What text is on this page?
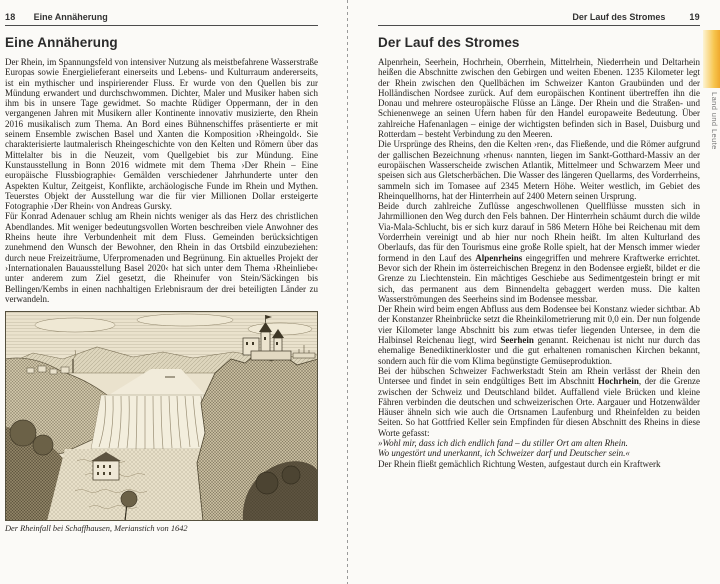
18 Eine Annäherung
Eine Annäherung

Der Rhein, im Spannungsfeld von intensiver Nutzung als meistbefahrene Wasserstraße Europas sowie Energielieferant einerseits und Lebens- und Kulturraum andererseits, ist ein mythischer und inspirierender Fluss. Er wurde von den Quellen bis zur Mündung erwandert und durchschwommen. Dichter, Maler und Musiker haben sich ihm bis in unsere Tage gewidmet. So machte Rüdiger Oppermann, der in den vergangenen Jahren mit Musikern aller Kontinente innovativ musizierte, den Rhein 2016 musikalisch zum Thema. An Bord eines Bühnenschiffes präsentierte er mit seinem Ensemble zwischen Basel und Xanten die Komposition ›Rheingold‹. Sie charakterisierte lautmalerisch Rheingeschichte von den Kelten und Römern über das Mittelalter bis in die Neuzeit, vom Quellgebiet bis zur Mündung. Eine Kunstausstellung in Bonn 2016 widmete mit dem Thema ›Der Rhein – Eine europäische Flussbiographie‹ Gemälden verschiedener Jahrhunderte unter den Aspekten Kultur, Zeitgeist, Konflikte, archäologische Funde im Rhein und Mythen. Teuerstes Objekt der Ausstellung war die für vier Millionen Dollar ersteigerte Fotographie ›Der Rhein‹ von Andreas Gursky.

Für Konrad Adenauer schlug am Rhein nichts weniger als das Herz des christlichen Abendlandes. Mit weniger bedeutungsvollen Worten beschreiben viele Anwohner des Rheins heute ihre Verbundenheit mit dem Fluss. Gemeinden berücksichtigen zunehmend den Wunsch der Bewohner, den Rhein in das Ortsbild einzubeziehen: durch neue Freizeiträume, Uferpromenaden und Begrünung. Ein aktuelles Projekt der ›Internationalen Bauausstellung Basel 2020‹ hat sich unter dem Thema ›Rheinliebe‹ unter anderem zum Ziel gesetzt, die Rheinufer von Stein/Säckingen bis Bellingen/Kembs in einen nachhaltigen Erlebnisraum der drei beteiligten Länder zu verwandeln.

Der Rheinfall bei Schaffhausen, Merianstich von 1642
Der Lauf des Stromes	19
Der Lauf des Stromes

Alpenrhein, Seerhein, Hochrhein, Oberrhein, Mittelrhein, Niederrhein und Deltarhein heißen die Abschnitte zwischen den Gebirgen und weiten Ebenen. 1235 Kilometer legt der Rhein zwischen den Quellbächen im Schweizer Kanton Graubünden und der Holländischen Nordsee zurück. Auf dem europäischen Kontinent übertreffen ihn die Donau und mehrere osteuropäische Flüsse an Länge. Der Rhein und die Straßen- und Schienenwege an seinen Ufern haben für den Handel europaweite Bedeutung. Über zahlreiche Hafenanlagen – einige der wichtigsten befinden sich in Basel, Duisburg und Rotterdam – besteht Verbindung zu den Meeren.

Die Ursprünge des Rheins, den die Kelten ›ren‹, das Fließende, und die Römer aufgrund der gallischen Bezeichnung ›rhenus‹ nannten, liegen im Sankt-Gotthard-Massiv an der europäischen Wasserscheide zwischen Atlantik, Mittelmeer und Schwarzem Meer und speisen sich aus Gletscherbächen. Die Wasser des längeren Quellarms, des Vorderrheins, sammeln sich im Tomasee auf 2345 Metern Höhe. Weiter westlich, im Gebiet des Rheinquellhorns, hat der Hinterrhein auf 2400 Metern seinen Ursprung.

Beide durch zahlreiche Zuflüsse angeschwollenen Quellflüsse mussten sich in Jahrmillionen den Weg durch den Fels bahnen. Der Hinterrhein schäumt durch die wilde Via-Mala-Schlucht, bis er sich kurz darauf in 586 Metern Höhe bei Reichenau mit dem Vorderrhein vereinigt und ab hier nur noch Rhein heißt. Im alten Kulturland des Oberlaufs, das für den Tourismus eine große Rolle spielt, hat der Mensch immer wieder formend in den Lauf des Alpenrheins eingegriffen und mehrere Kraftwerke errichtet. Bevor sich der Rhein im österreichischen Bregenz in den Bodensee ergießt, bildet er die Grenze zu Liechtenstein. Ein mächtiges Geschiebe aus Sedimentgestein bringt er mit sich, das permanent aus dem Binnendelta gebaggert werden muss. Die kalten Wasserströmungen des Seerheins sind im Bodensee messbar.

Der Rhein wird beim engen Abfluss aus dem Bodensee bei Konstanz wieder sichtbar. Ab der Konstanzer Rheinbrücke setzt die Rheinkilometrierung mit 0,0 ein. Der nun folgende vier Kilometer lange Abschnitt bis zum etwas tiefer liegenden Untersee, in dem die Halbinsel Reichenau liegt, wird Seerhein genannt. Reichenau ist nicht nur durch das ehemalige Benediktinerkloster und die gut erhaltenen romanischen Kirchen bekannt, sondern auch für die vom Klima begünstigte Gemüseproduktion.

Bei der hübschen Schweizer Fachwerkstadt Stein am Rhein verlässt der Rhein den Untersee und findet in sein endgültiges Bett im Abschnitt Hochrhein, der die Grenze zwischen der Schweiz und Deutschland bildet. Auffallend viele Brücken und kleine Fähren verbinden die deutschen und schweizerischen Orte. Aargauer und Hotzenwälder Häuser ähneln sich wie auch die Ortsnamen Laufenburg und Rheinfelden zu beiden Seiten. So hat Gottfried Keller sein Empfinden für diesen Abschnitt des Rheins in diese Worte gefasst:

»Wohl mir, dass ich dich endlich fand – du stiller Ort am alten Rhein.

Wo ungestört und unerkannt, ich Schweizer darf und Deutscher sein.«

Der Rhein fließt gemächlich Richtung Westen, aufgestaut durch ein Kraftwerk

Land und Leute
